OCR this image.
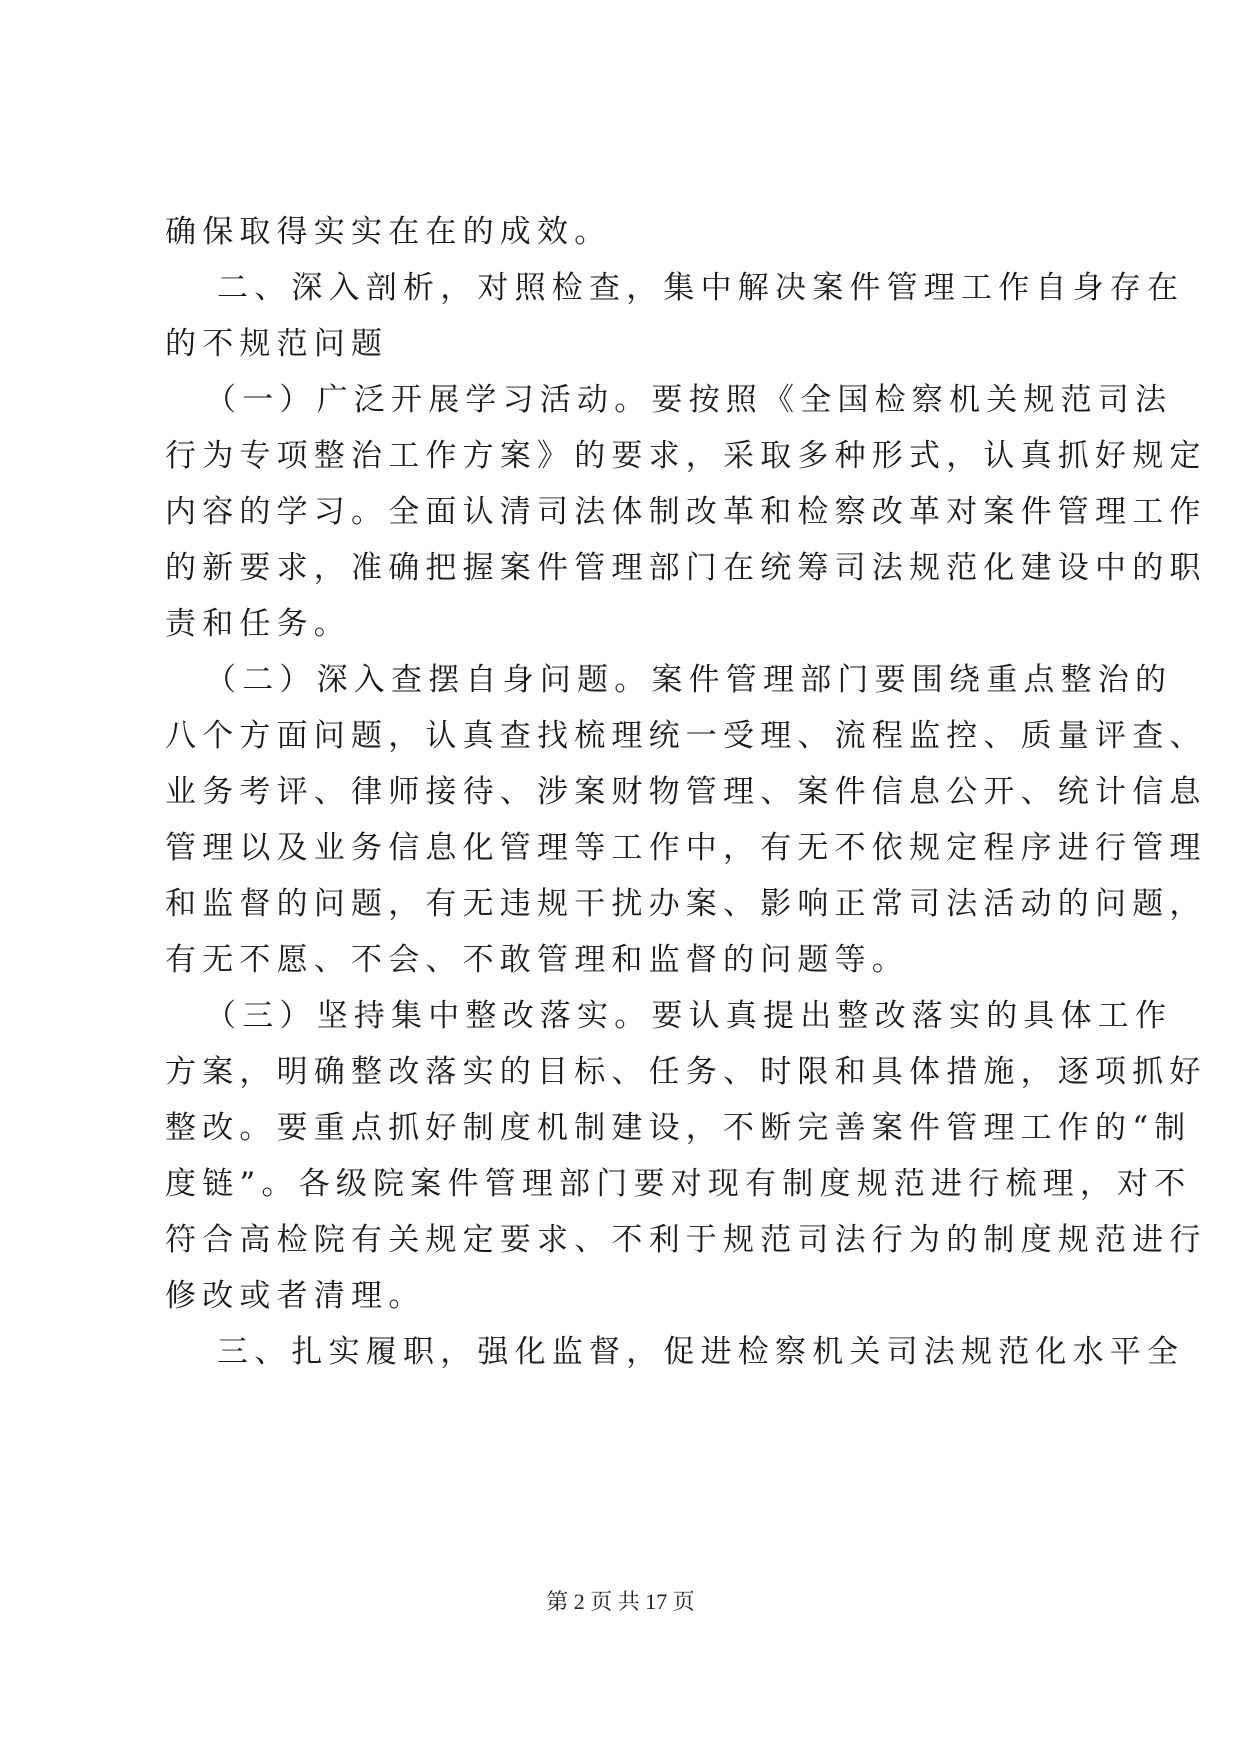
确保取得实实在在的成效。
二、深入剖析，对照检查，集中解决案件管理工作自身存在
的不规范问题
（一）广泛开展学习活动。要按照《全国检察机关规范司法
行为专项整治工作方案》的要求，采取多种形式，认真抓好规定
内容的学习。全面认清司法体制改革和检察改革对案件管理工作
的新要求，准确把握案件管理部门在统筹司法规范化建设中的职
责和任务。
（二）深入查摆自身问题。案件管理部门要围绕重点整治的
八个方面问题，认真查找梳理统一受理、流程监控、质量评查、
业务考评、律师接待、涉案财物管理、案件信息公开、统计信息
管理以及业务信息化管理等工作中，有无不依规定程序进行管理
和监督的问题，有无违规干扰办案、影响正常司法活动的问题，
有无不愿、不会、不敢管理和监督的问题等。
（三）坚持集中整改落实。要认真提出整改落实的具体工作
方案，明确整改落实的目标、任务、时限和具体措施，逐项抓好
整改。要重点抓好制度机制建设，不断完善案件管理工作的“制
度链”。各级院案件管理部门要对现有制度规范进行梳理，对不
符合高检院有关规定要求、不利于规范司法行为的制度规范进行
修改或者清理。
三、扎实履职，强化监督，促进检察机关司法规范化水平全
第 2 页 共 17 页
